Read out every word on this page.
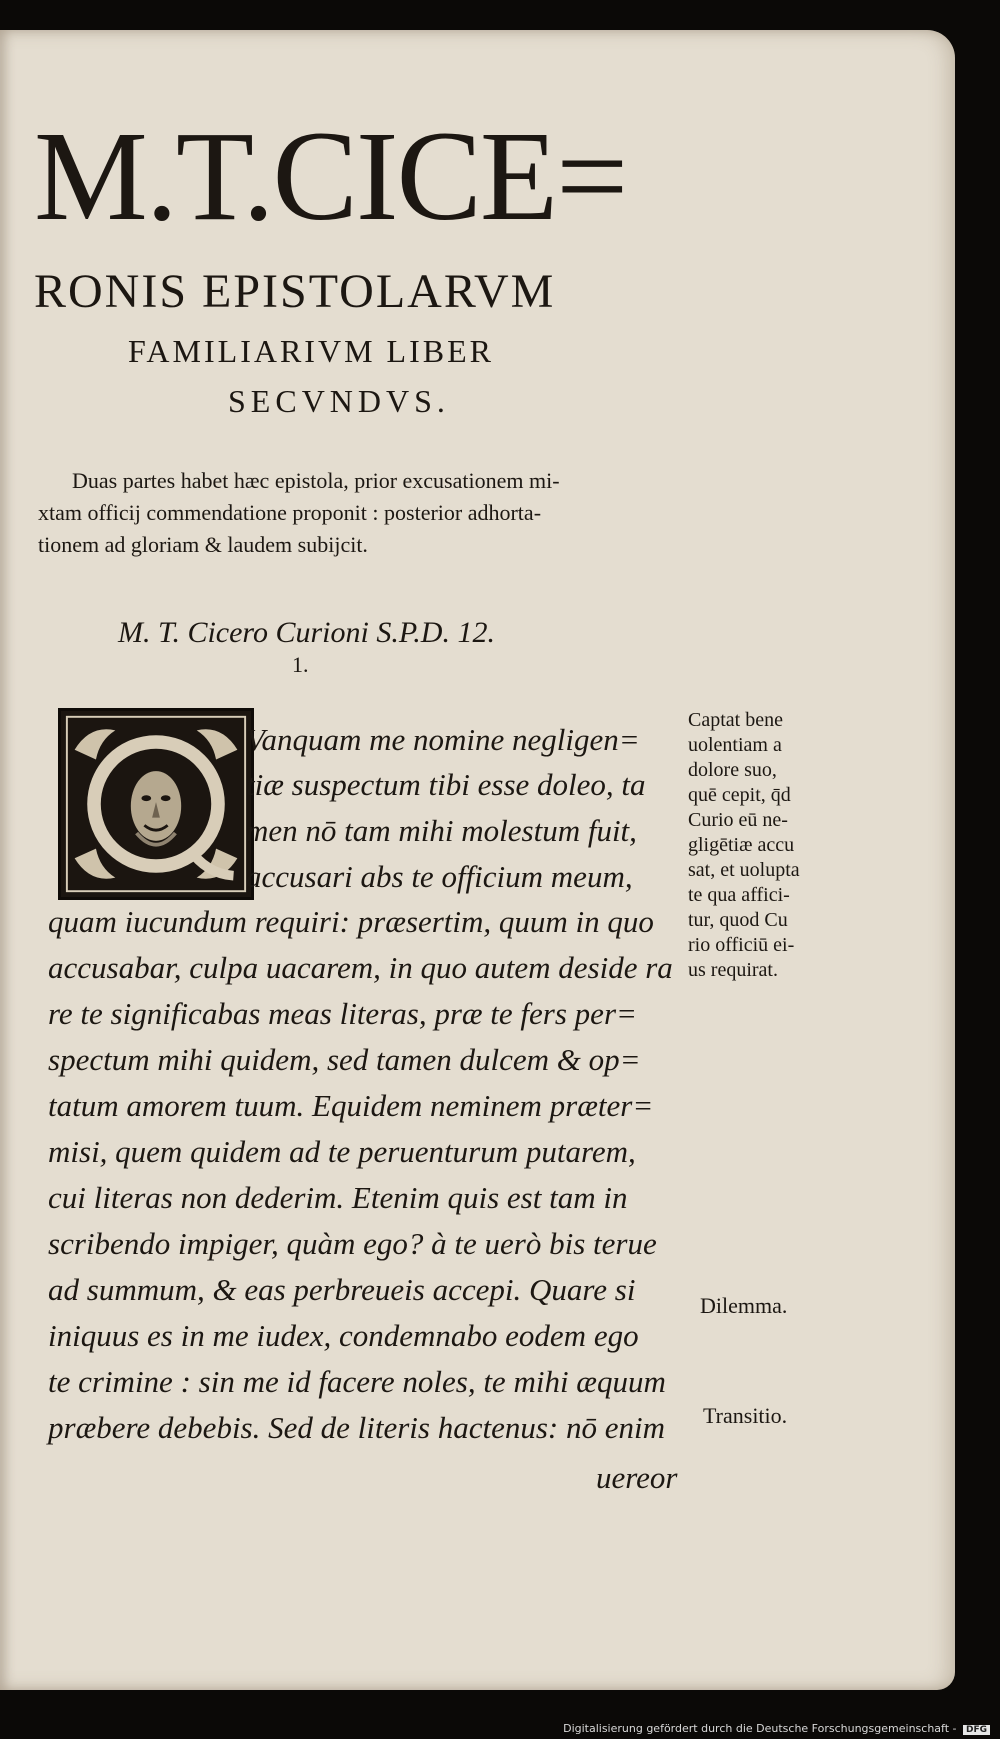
M.T.CICE=
RONIS EPISTOLARVM
FAMILIARIVM LIBER
SECVNDVS.
Duas partes habet hæc epistola, prior excusationem mi-
xtam officij commendatione proponit : posterior adhorta-
tionem ad gloriam & laudem subijcit.
M. T. Cicero Curioni S.P.D. 12.
1.
Vanquam me nomine negligen=
tiæ suspectum tibi esse doleo, ta
men nō tam mihi molestum fuit,
accusari abs te officium meum,
quam iucundum requiri: præsertim, quum in quo
accusabar, culpa uacarem, in quo autem deside ra
re te significabas meas literas, præ te fers per=
spectum mihi quidem, sed tamen dulcem & op=
tatum amorem tuum. Equidem neminem præter=
misi, quem quidem ad te peruenturum putarem,
cui literas non dederim. Etenim quis est tam in
scribendo impiger, quàm ego? à te uerò bis terue
ad summum, & eas perbreueis accepi. Quare si
iniquus es in me iudex, condemnabo eodem ego
te crimine : sin me id facere noles, te mihi æquum
præbere debebis. Sed de literis hactenus: nō enim
uereor
Captat bene
uolentiam a
dolore suo,
quē cepit, q̄d
Curio eū ne-
gligētiæ accu
sat, et uolupta
te qua affici-
tur, quod Cu
rio officiū ei-
us requirat.
Dilemma.
Transitio.
Digitalisierung gefördert durch die Deutsche Forschungsgemeinschaft - DFG
